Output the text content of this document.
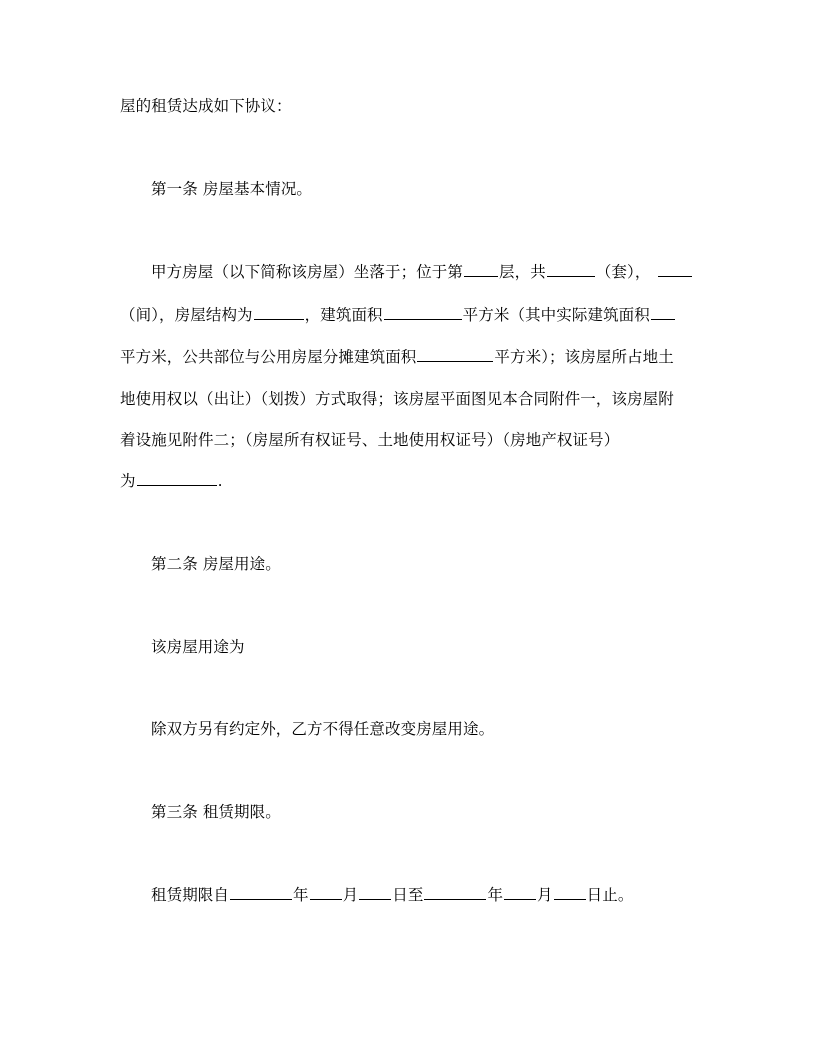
屋的租赁达成如下协议：
第一条 房屋基本情况。
甲方房屋（以下简称该房屋）坐落于；位于第 层，共	（套），
（间），房屋结构为	，建筑面积	平方米（其中实际建筑面积
平方米，公共部位与公用房屋分摊建筑面积	平方米）；该房屋所占地土
地使用权以（出让）（划拨）方式取得；该房屋平面图见本合同附件一，该房屋附
着设施见附件二；（房屋所有权证号、土地使用权证号）（房地产权证号）
为	.
第二条 房屋用途。
该房屋用途为
除双方另有约定外，乙方不得任意改变房屋用途。
第三条 租赁期限。
租赁期限自	年 月 日至	年 月 日止。
